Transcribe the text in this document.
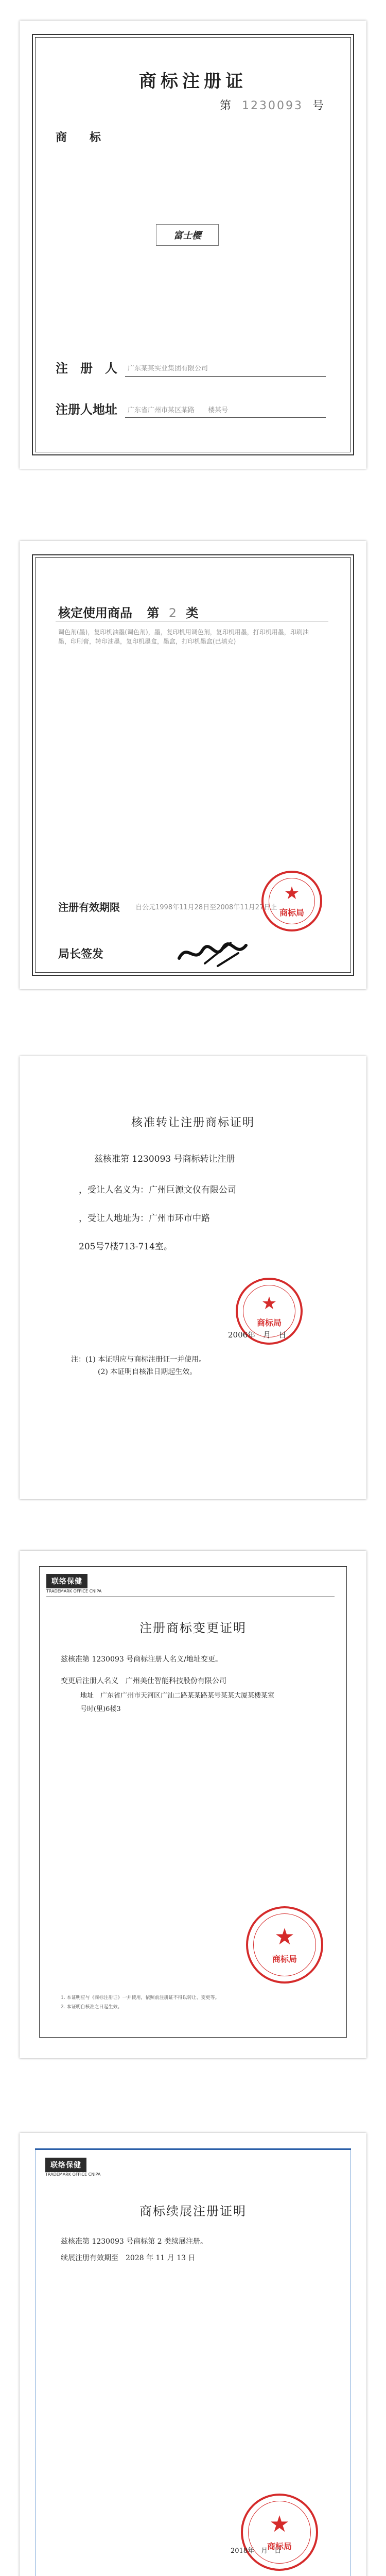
商标注册证
第 1230093 号
商　　标
富士樱
注　册　人 广东某某实业集团有限公司
注册人地址 广东省广州市某区某路　　楼某号
核定使用商品 第 2 类
调色剂(墨)，复印机油墨(调色剂)，墨，复印机用调色剂，复印机用墨，打印机用墨，印刷油墨，印刷膏，转印油墨，复印机墨盒，墨盒，打印机墨盒(已填充)
注册有效期限 自公元1998年11月28日至2008年11月27日止
★
商标局
局长签发
核准转让注册商标证明
兹核准第 1230093 号商标转让注册
，受让人名义为：广州巨源文仪有限公司
，受让人地址为：广州市环市中路
205号7楼713-714室。
★
商标局
2006年　月　日
注：(1) 本证明应与商标注册证一并使用。
(2) 本证明自核准日期起生效。
联络保健
TRADEMARK OFFICE CNIPA
注册商标变更证明
兹核准第 1230093 号商标注册人名义/地址变更。
变更后注册人名义　广州美仕智能科技股份有限公司
地址　广东省广州市天河区广汕二路某某路某号某某大厦某楼某室
号时(里)6楼3
★
商标局
1. 本证明应与《商标注册证》一并使用，依照前注册证不得以转让、变更等。
2. 本证明自核准之日起生效。
联络保健
TRADEMARK OFFICE CNIPA
商标续展注册证明
兹核准第 1230093 号商标第 2 类续展注册。
续展注册有效期至　2028 年 11 月 13 日
★
商标局
2018年　月　日
